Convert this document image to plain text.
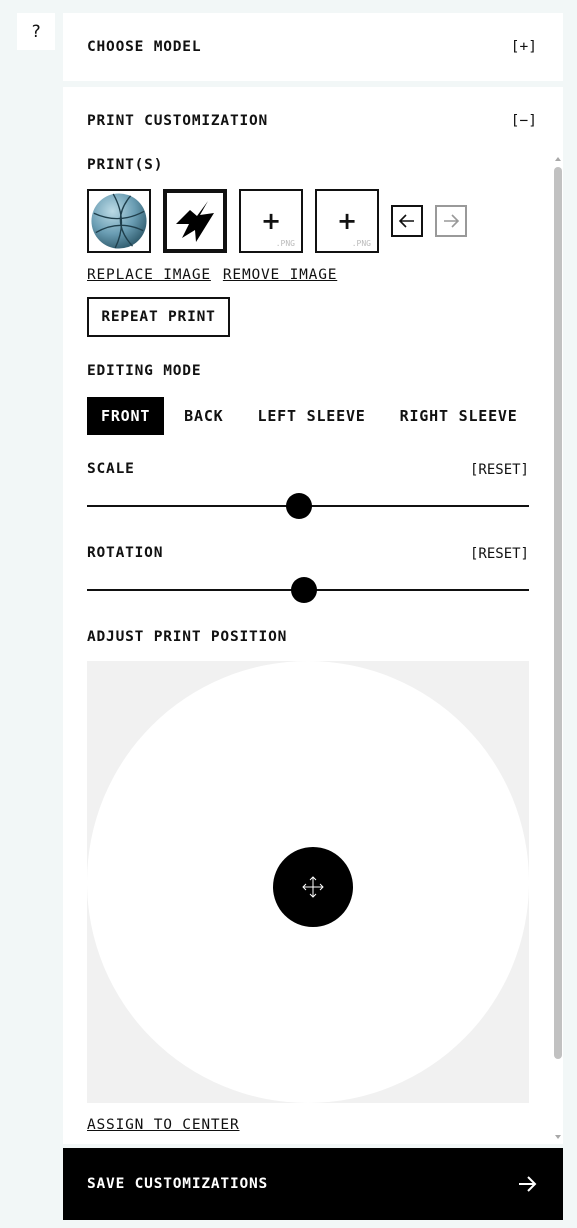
?
CHOOSE MODEL	[+]
PRINT CUSTOMIZATION	[−]
PRINT(S)
+
.PNG
+
.PNG
REPLACE IMAGE REMOVE IMAGE
REPEAT PRINT
EDITING MODE
FRONT	BACK	LEFT SLEEVE	RIGHT SLEEVE
SCALE	[RESET]
ROTATION	[RESET]
ADJUST PRINT POSITION
ASSIGN TO CENTER
SAVE CUSTOMIZATIONS
